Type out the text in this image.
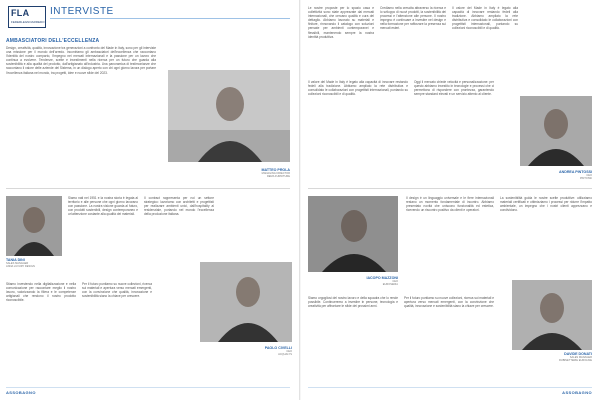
FLA
FEDERLEGNOARREDO
INTERVISTE
AMBASCIATORI DELL'ECCELLENZA

Design, creatività, qualità, innovazione tra generazioni a confronto del Made in Italy, sono per gli interviste una missione per il mondo dell'arredo. Incontriamo gli ambasciatori dell'eccellenza che raccontano l'identità del nostro comparto, l'impegno nei mercati internazionali e la passione per un lavoro che continua a evolvere. Tendenze, scelte e investimenti nella ricerca per un futuro che guarda alla sostenibilità e alla qualità del prodotto, dall'artigianato all'industria. Una panoramica di testimonianze che raccontano il valore delle aziende del Sistema, in un dialogo aperto con chi ogni giorno lavora per portare l'eccellenza italiana nel mondo, tra progetti, idee e nuove sfide del 2023.

MATTEO PROLA
MANAGING DIRECTOR
DEMA FURNITURE
TANIA DINI
SALES MANAGER
ANNA LUXURY DESIGN
Siamo nati nel 1951 e la nostra storia è legata al territorio e alle persone che ogni giorno lavorano con passione. La nostra visione guarda al futuro, con prodotti sostenibili, design contemporaneo e un'attenzione costante alla qualità dei materiali.
Il contract rappresenta per noi un settore strategico: lavoriamo con architetti e progettisti per realizzare ambienti unici, dall'hospitality al residenziale, portando nel mondo l'eccellenza della produzione italiana.
Stiamo investendo nella digitalizzazione e nella comunicazione per raccontare meglio il nostro lavoro, valorizzando la filiera e le competenze artigianali che rendono il nostro prodotto riconoscibile.
Per il futuro puntiamo su nuove collezioni, ricerca sui materiali e apertura verso mercati emergenti, con la convinzione che qualità, innovazione e sostenibilità siano la chiave per crescere.
PAOLO CIVELLI
CEO
ACQUALYS
ASSOBAGNO
Le nostre proposte per lo spazio casa e collettività sono state apprezzate dai mercati internazionali, che cercano qualità e cura del dettaglio. Abbiamo lavorato su materiali e finiture, rinnovando il catalogo con soluzioni pensate per ambienti contemporanei e flessibili, mantenendo sempre la nostra identità produttiva.
Crediamo nella crescita attraverso la ricerca e lo sviluppo di nuovi prodotti, la sostenibilità dei processi e l'attenzione alle persone. Il nostro impegno è continuare a investire nel design e nella formazione per rafforzare la presenza sui mercati esteri.
Il valore del Made in Italy è legato alla capacità di innovare restando fedeli alla tradizione. Abbiamo ampliato la rete distributiva e consolidato le collaborazioni con progettisti internazionali, puntando su collezioni riconoscibili e di qualità.
Il valore del Made in Italy è legato alla capacità di innovare restando fedeli alla tradizione. Abbiamo ampliato la rete distributiva e consolidato le collaborazioni con progettisti internazionali, puntando su collezioni riconoscibili e di qualità.
Oggi il mercato chiede velocità e personalizzazione: per questo abbiamo investito in tecnologie e processi che ci permettono di rispondere con prontezza, garantendo sempre standard elevati e un servizio attento al cliente.
ANDREA PINTOSSI
CEO
PINTOSSI
IACOPO MAZZONI
CEO
EUROSEDIA
Il design è un linguaggio universale e le fiere internazionali restano un momento fondamentale di incontro. Abbiamo presentato novità che uniscono funzionalità ed estetica, ricevendo un riscontro positivo da clienti e operatori.
La sostenibilità guida le nostre scelte produttive: utilizziamo materiali certificati e ottimizziamo i processi per ridurre l'impatto ambientale, un impegno che i nostri clienti apprezzano e condividono.
Siamo orgogliosi del nostro lavoro e della squadra che lo rende possibile. Continueremo a investire in persone, tecnologia e creatività per affrontare le sfide dei prossimi anni.
Per il futuro puntiamo su nuove collezioni, ricerca sui materiali e apertura verso mercati emergenti, con la convinzione che qualità, innovazione e sostenibilità siano la chiave per crescere.
DAVIDE DONATI
SALES MANAGER
RUBINETTERIE EUROLINE
ASSOBAGNO
